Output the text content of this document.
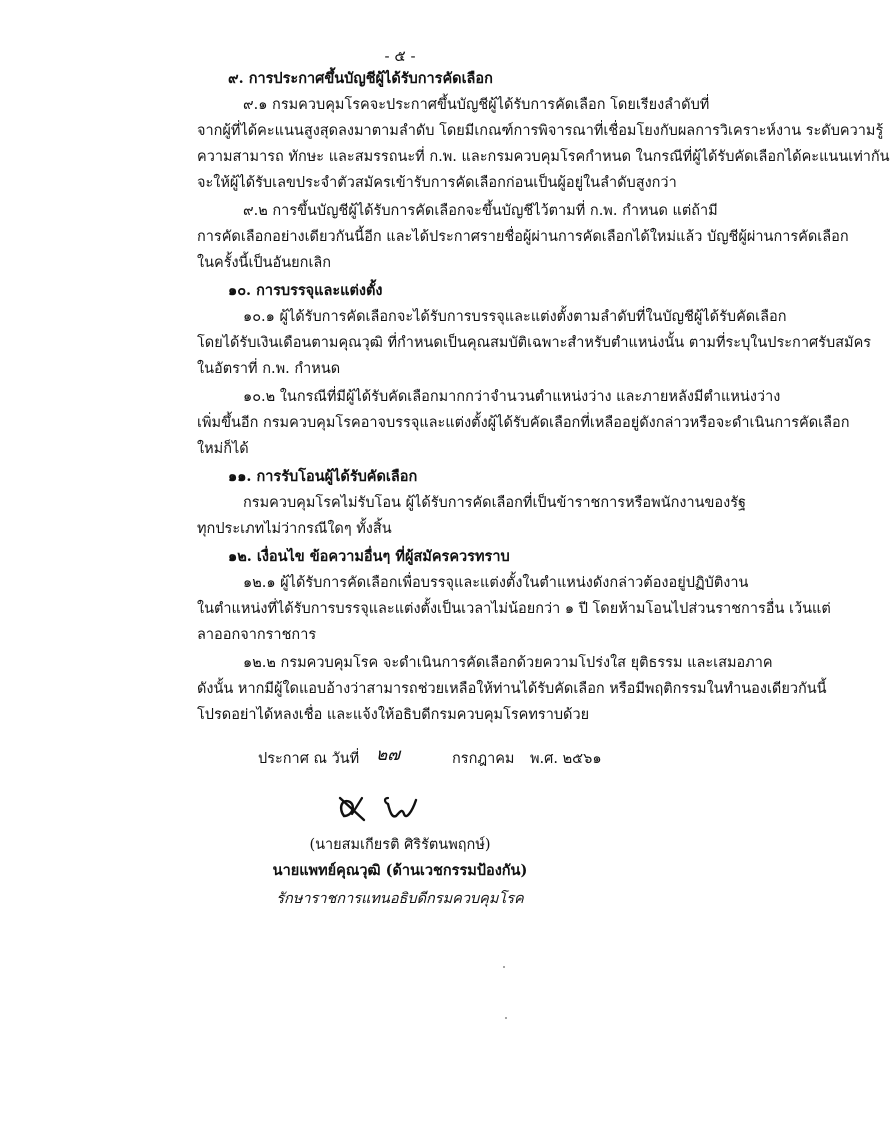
- ๕ -
๙. การประกาศขึ้นบัญชีผู้ได้รับการคัดเลือก
๙.๑ กรมควบคุมโรคจะประกาศขึ้นบัญชีผู้ได้รับการคัดเลือก โดยเรียงลำดับที่
จากผู้ที่ได้คะแนนสูงสุดลงมาตามลำดับ โดยมีเกณฑ์การพิจารณาที่เชื่อมโยงกับผลการวิเคราะห์งาน ระดับความรู้
ความสามารถ ทักษะ และสมรรถนะที่ ก.พ. และกรมควบคุมโรคกำหนด ในกรณีที่ผู้ได้รับคัดเลือกได้คะแนนเท่ากัน
จะให้ผู้ได้รับเลขประจำตัวสมัครเข้ารับการคัดเลือกก่อนเป็นผู้อยู่ในลำดับสูงกว่า
๙.๒ การขึ้นบัญชีผู้ได้รับการคัดเลือกจะขึ้นบัญชีไว้ตามที่ ก.พ. กำหนด แต่ถ้ามี
การคัดเลือกอย่างเดียวกันนี้อีก และได้ประกาศรายชื่อผู้ผ่านการคัดเลือกได้ใหม่แล้ว บัญชีผู้ผ่านการคัดเลือก
ในครั้งนี้เป็นอันยกเลิก
๑๐. การบรรจุและแต่งตั้ง
๑๐.๑ ผู้ได้รับการคัดเลือกจะได้รับการบรรจุและแต่งตั้งตามลำดับที่ในบัญชีผู้ได้รับคัดเลือก
โดยได้รับเงินเดือนตามคุณวุฒิ ที่กำหนดเป็นคุณสมบัติเฉพาะสำหรับตำแหน่งนั้น ตามที่ระบุในประกาศรับสมัคร
ในอัตราที่ ก.พ. กำหนด
๑๐.๒ ในกรณีที่มีผู้ได้รับคัดเลือกมากกว่าจำนวนตำแหน่งว่าง และภายหลังมีตำแหน่งว่าง
เพิ่มขึ้นอีก กรมควบคุมโรคอาจบรรจุและแต่งตั้งผู้ได้รับคัดเลือกที่เหลืออยู่ดังกล่าวหรือจะดำเนินการคัดเลือก
ใหม่ก็ได้
๑๑. การรับโอนผู้ได้รับคัดเลือก
กรมควบคุมโรคไม่รับโอน ผู้ได้รับการคัดเลือกที่เป็นข้าราชการหรือพนักงานของรัฐ
ทุกประเภทไม่ว่ากรณีใดๆ ทั้งสิ้น
๑๒. เงื่อนไข ข้อความอื่นๆ ที่ผู้สมัครควรทราบ
๑๒.๑ ผู้ได้รับการคัดเลือกเพื่อบรรจุและแต่งตั้งในตำแหน่งดังกล่าวต้องอยู่ปฏิบัติงาน
ในตำแหน่งที่ได้รับการบรรจุและแต่งตั้งเป็นเวลาไม่น้อยกว่า ๑ ปี โดยห้ามโอนไปส่วนราชการอื่น เว้นแต่
ลาออกจากราชการ
๑๒.๒ กรมควบคุมโรค จะดำเนินการคัดเลือกด้วยความโปร่งใส ยุติธรรม และเสมอภาค
ดังนั้น หากมีผู้ใดแอบอ้างว่าสามารถช่วยเหลือให้ท่านได้รับคัดเลือก หรือมีพฤติกรรมในทำนองเดียวกันนี้
โปรดอย่าได้หลงเชื่อ และแจ้งให้อธิบดีกรมควบคุมโรคทราบด้วย
ประกาศ ณ วันที่ ๒๗	กรกฎาคม พ.ศ. ๒๕๖๑
(นายสมเกียรติ ศิริรัตนพฤกษ์)
นายแพทย์คุณวุฒิ (ด้านเวชกรรมป้องกัน)
รักษาราชการแทนอธิบดีกรมควบคุมโรค
